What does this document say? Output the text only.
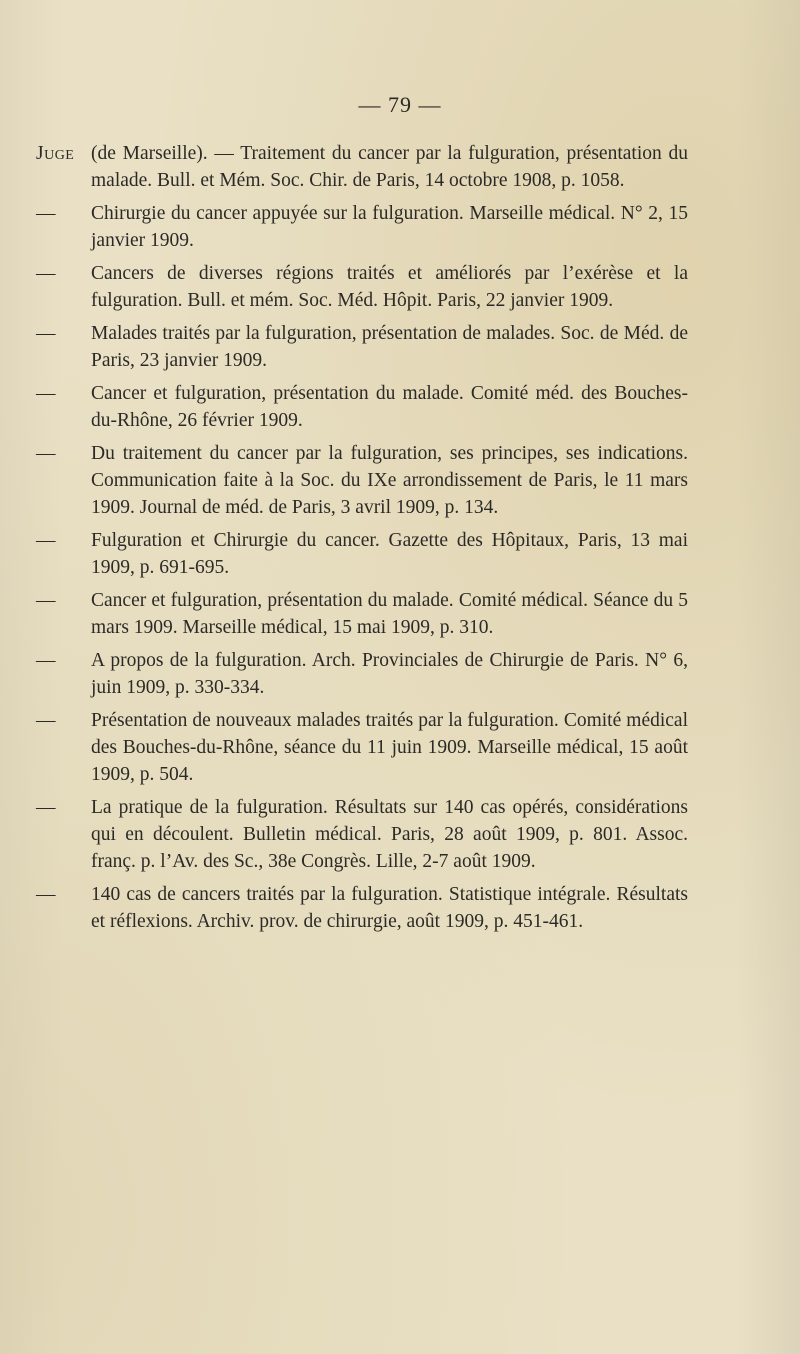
— 79 —
Juge (de Marseille). — Traitement du cancer par la fulguration, présentation du malade. Bull. et Mém. Soc. Chir. de Paris, 14 octobre 1908, p. 1058.
— Chirurgie du cancer appuyée sur la fulguration. Marseille médical. N° 2, 15 janvier 1909.
— Cancers de diverses régions traités et améliorés par l’exérèse et la fulguration. Bull. et mém. Soc. Méd. Hôpit. Paris, 22 janvier 1909.
— Malades traités par la fulguration, présentation de malades. Soc. de Méd. de Paris, 23 janvier 1909.
— Cancer et fulguration, présentation du malade. Comité méd. des Bouches-du-Rhône, 26 février 1909.
— Du traitement du cancer par la fulguration, ses principes, ses indications. Communication faite à la Soc. du IXe arrondissement de Paris, le 11 mars 1909. Journal de méd. de Paris, 3 avril 1909, p. 134.
— Fulguration et Chirurgie du cancer. Gazette des Hôpitaux, Paris, 13 mai 1909, p. 691-695.
— Cancer et fulguration, présentation du malade. Comité médical. Séance du 5 mars 1909. Marseille médical, 15 mai 1909, p. 310.
— A propos de la fulguration. Arch. Provinciales de Chirurgie de Paris. N° 6, juin 1909, p. 330-334.
— Présentation de nouveaux malades traités par la fulguration. Comité médical des Bouches-du-Rhône, séance du 11 juin 1909. Marseille médical, 15 août 1909, p. 504.
— La pratique de la fulguration. Résultats sur 140 cas opérés, considérations qui en découlent. Bulletin médical. Paris, 28 août 1909, p. 801. Assoc. franç. p. l’Av. des Sc., 38e Congrès. Lille, 2-7 août 1909.
— 140 cas de cancers traités par la fulguration. Statistique intégrale. Résultats et réflexions. Archiv. prov. de chirurgie, août 1909, p. 451-461.
